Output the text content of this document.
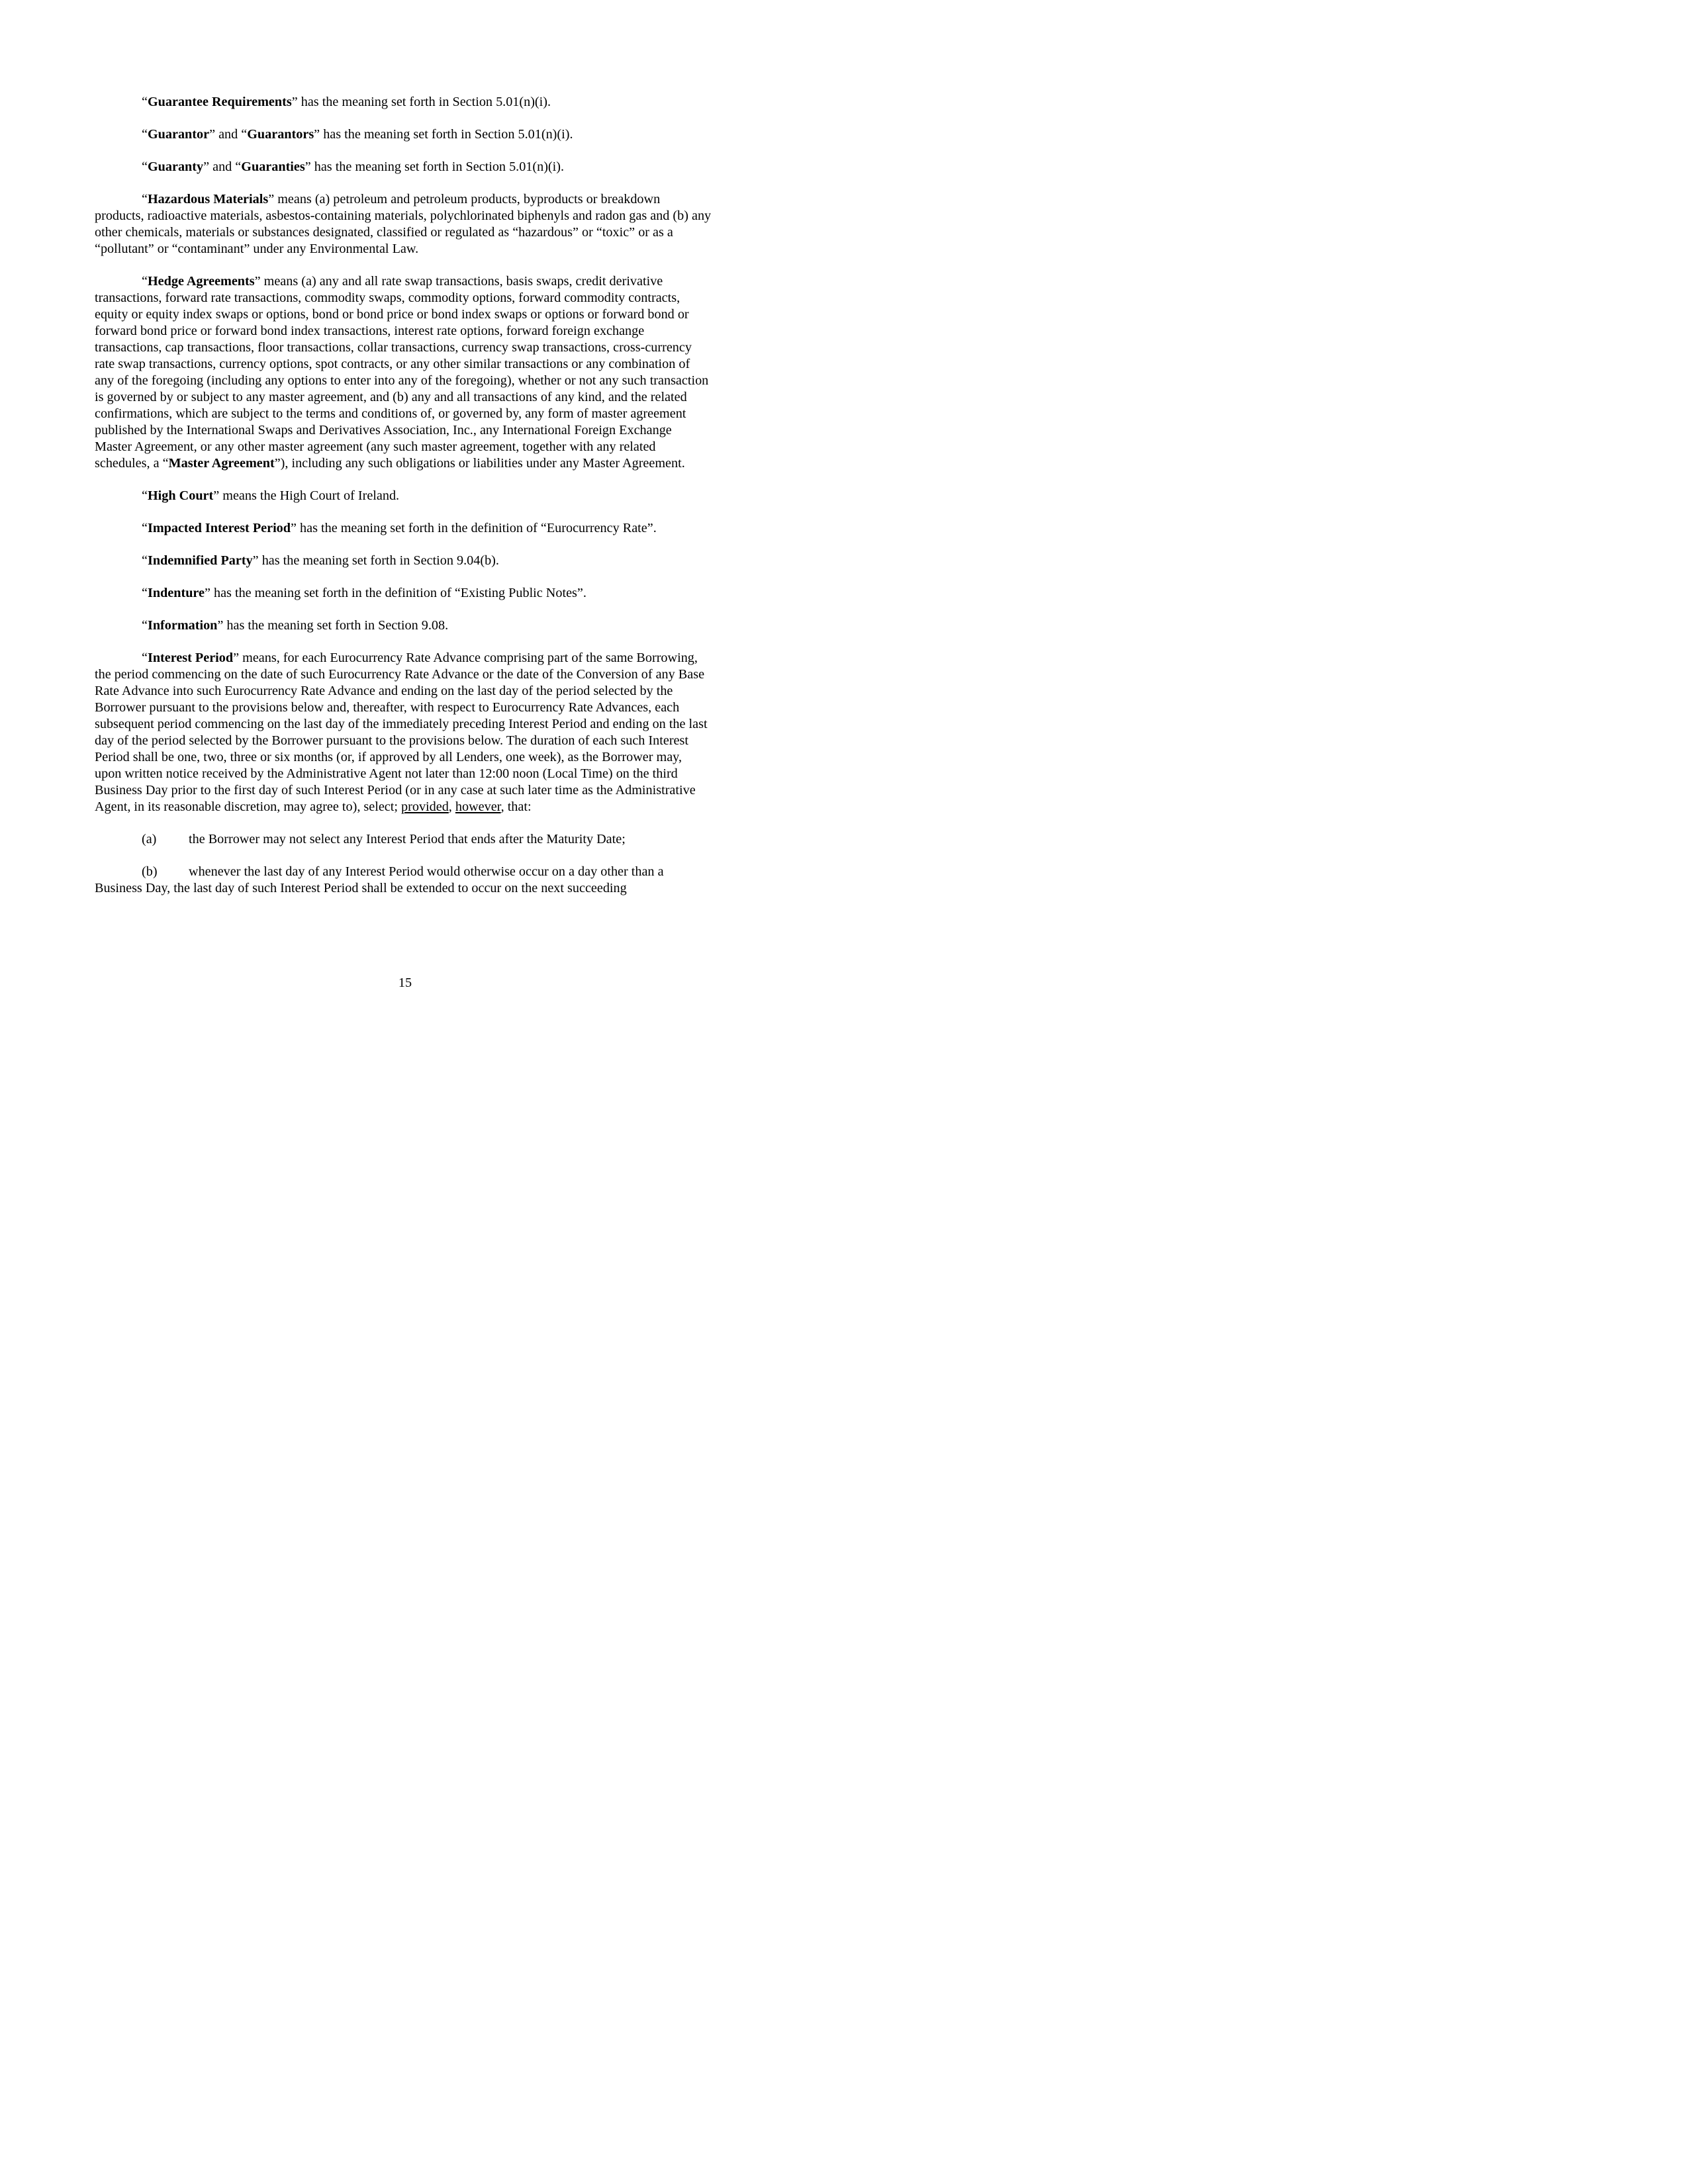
“Guarantee Requirements” has the meaning set forth in Section 5.01(n)(i).

“Guarantor” and “Guarantors” has the meaning set forth in Section 5.01(n)(i).

“Guaranty” and “Guaranties” has the meaning set forth in Section 5.01(n)(i).

“Hazardous Materials” means (a) petroleum and petroleum products, byproducts or breakdown products, radioactive materials, asbestos-containing materials, polychlorinated biphenyls and radon gas and (b) any other chemicals, materials or substances designated, classified or regulated as “hazardous” or “toxic” or as a “pollutant” or “contaminant” under any Environmental Law.

“Hedge Agreements” means (a) any and all rate swap transactions, basis swaps, credit derivative transactions, forward rate transactions, commodity swaps, commodity options, forward commodity contracts, equity or equity index swaps or options, bond or bond price or bond index swaps or options or forward bond or forward bond price or forward bond index transactions, interest rate options, forward foreign exchange transactions, cap transactions, floor transactions, collar transactions, currency swap transactions, cross-currency rate swap transactions, currency options, spot contracts, or any other similar transactions or any combination of any of the foregoing (including any options to enter into any of the foregoing), whether or not any such transaction is governed by or subject to any master agreement, and (b) any and all transactions of any kind, and the related confirmations, which are subject to the terms and conditions of, or governed by, any form of master agreement published by the International Swaps and Derivatives Association, Inc., any International Foreign Exchange Master Agreement, or any other master agreement (any such master agreement, together with any related schedules, a “Master Agreement”), including any such obligations or liabilities under any Master Agreement.

“High Court” means the High Court of Ireland.

“Impacted Interest Period” has the meaning set forth in the definition of “Eurocurrency Rate”.

“Indemnified Party” has the meaning set forth in Section 9.04(b).

“Indenture” has the meaning set forth in the definition of “Existing Public Notes”.

“Information” has the meaning set forth in Section 9.08.

“Interest Period” means, for each Eurocurrency Rate Advance comprising part of the same Borrowing, the period commencing on the date of such Eurocurrency Rate Advance or the date of the Conversion of any Base Rate Advance into such Eurocurrency Rate Advance and ending on the last day of the period selected by the Borrower pursuant to the provisions below and, thereafter, with respect to Eurocurrency Rate Advances, each subsequent period commencing on the last day of the immediately preceding Interest Period and ending on the last day of the period selected by the Borrower pursuant to the provisions below. The duration of each such Interest Period shall be one, two, three or six months (or, if approved by all Lenders, one week), as the Borrower may, upon written notice received by the Administrative Agent not later than 12:00 noon (Local Time) on the third Business Day prior to the first day of such Interest Period (or in any case at such later time as the Administrative Agent, in its reasonable discretion, may agree to), select; provided, however, that:

(a) the Borrower may not select any Interest Period that ends after the Maturity Date;

(b) whenever the last day of any Interest Period would otherwise occur on a day other than a Business Day, the last day of such Interest Period shall be extended to occur on the next succeeding

15
